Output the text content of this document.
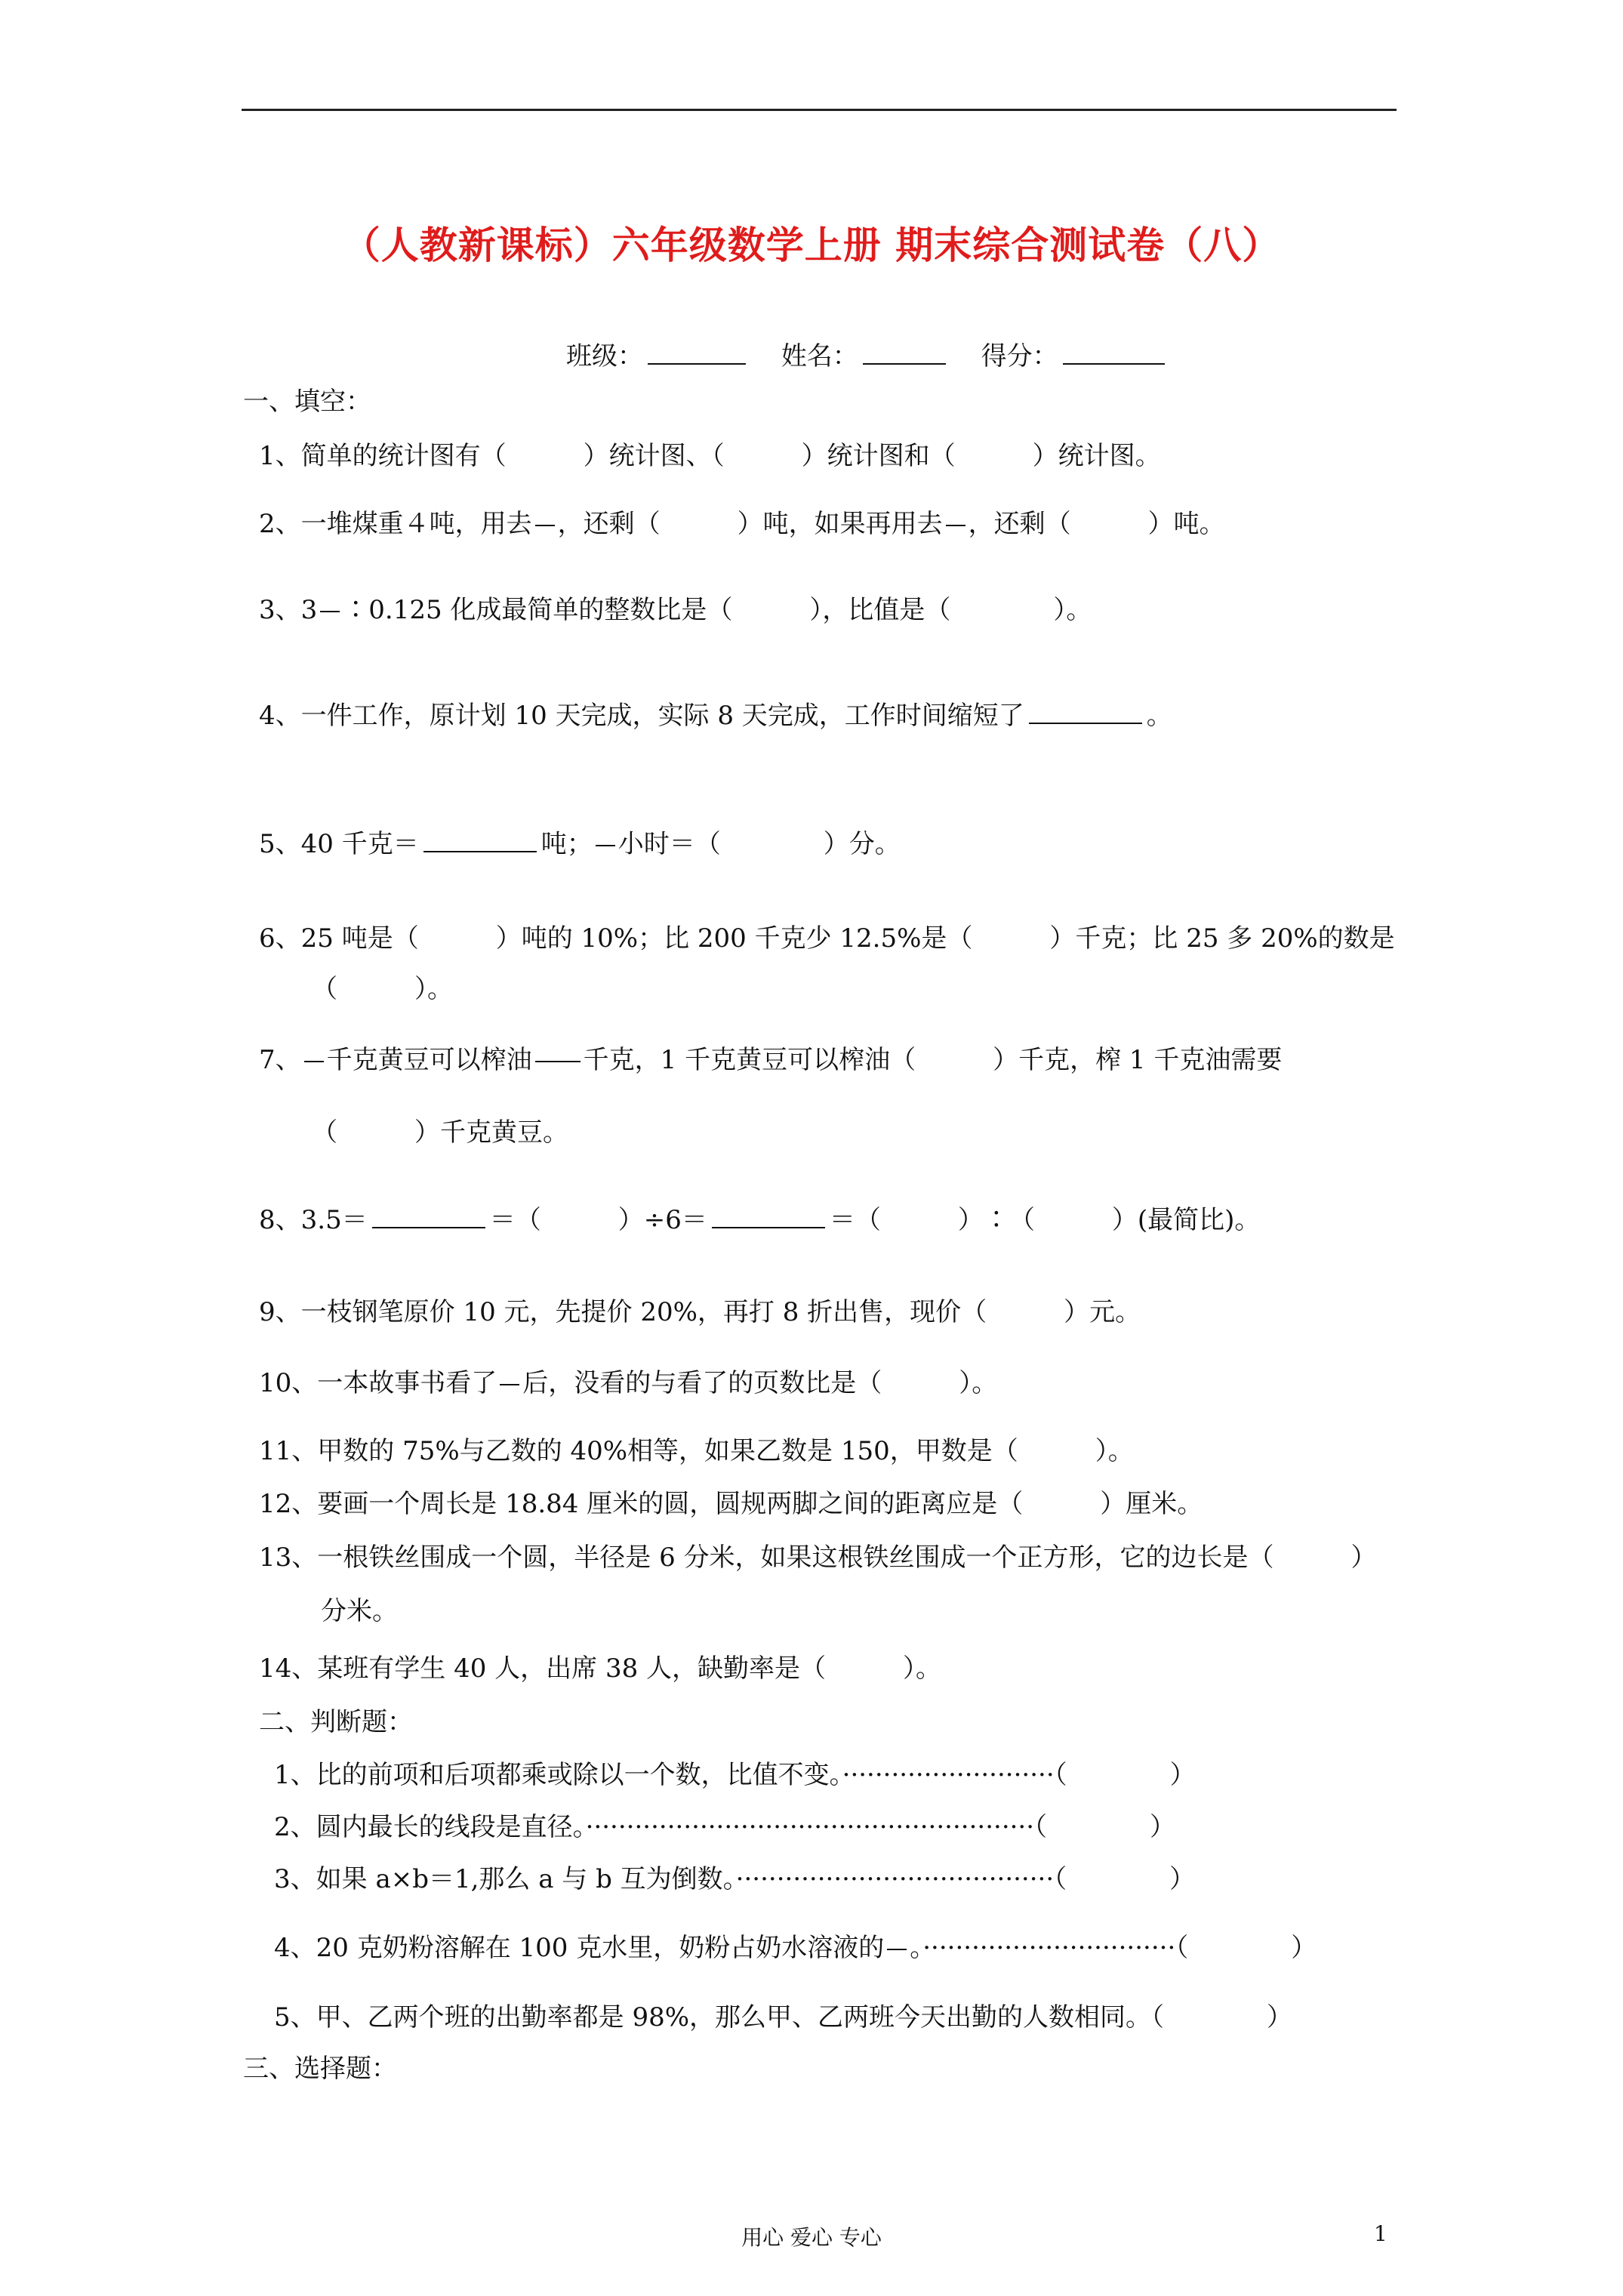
（人教新课标）六年级数学上册 期末综合测试卷（八）
班级：	姓名：	得分：
一、填空：
1、简单的统计图有（　　　）统计图、（　　　）统计图和（　　　）统计图。
2、一堆煤重４吨，用去 ，还剩（　　　）吨，如果再用去 ，还剩（　　　）吨。
3、3 ∶0.125 化成最简单的整数比是（　　　），比值是（　　　　）。
4、一件工作，原计划 10 天完成，实际 8 天完成，工作时间缩短了	。
5、40 千克＝	吨； 小时＝（　　　　）分。
6、25 吨是（　　　）吨的 10%；比 200 千克少 12.5%是（　　　）千克；比 25 多 20%的数是
（　　　）。
7、 千克黄豆可以榨油 千克，1 千克黄豆可以榨油（　　　）千克，榨 1 千克油需要
（　　　）千克黄豆。
8、3.5＝	＝（　　　）÷6＝	＝（　　　）∶（　　　）(最简比)。
9、一枝钢笔原价 10 元，先提价 20%，再打 8 折出售，现价（　　　）元。
10、一本故事书看了 后，没看的与看了的页数比是（　　　）。
11、甲数的 75%与乙数的 40%相等，如果乙数是 150，甲数是（　　　）。
12、要画一个周长是 18.84 厘米的圆，圆规两脚之间的距离应是（　　　）厘米。
13、一根铁丝围成一个圆，半径是 6 分米，如果这根铁丝围成一个正方形，它的边长是（　　　）
分米。
14、某班有学生 40 人，出席 38 人，缺勤率是（　　　）。
二、判断题：
1、比的前项和后项都乘或除以一个数，比值不变。··························（　　　　）
2、圆内最长的线段是直径。·······················································（　　　　）
3、如果 a×b＝1,那么 a 与 b 互为倒数。·······································（　　　　）
4、20 克奶粉溶解在 100 克水里，奶粉占奶水溶液的 。·······························（　　　　）
5、甲、乙两个班的出勤率都是 98%，那么甲、乙两班今天出勤的人数相同。（　　　　）
三、选择题：
用心 爱心 专心	1
